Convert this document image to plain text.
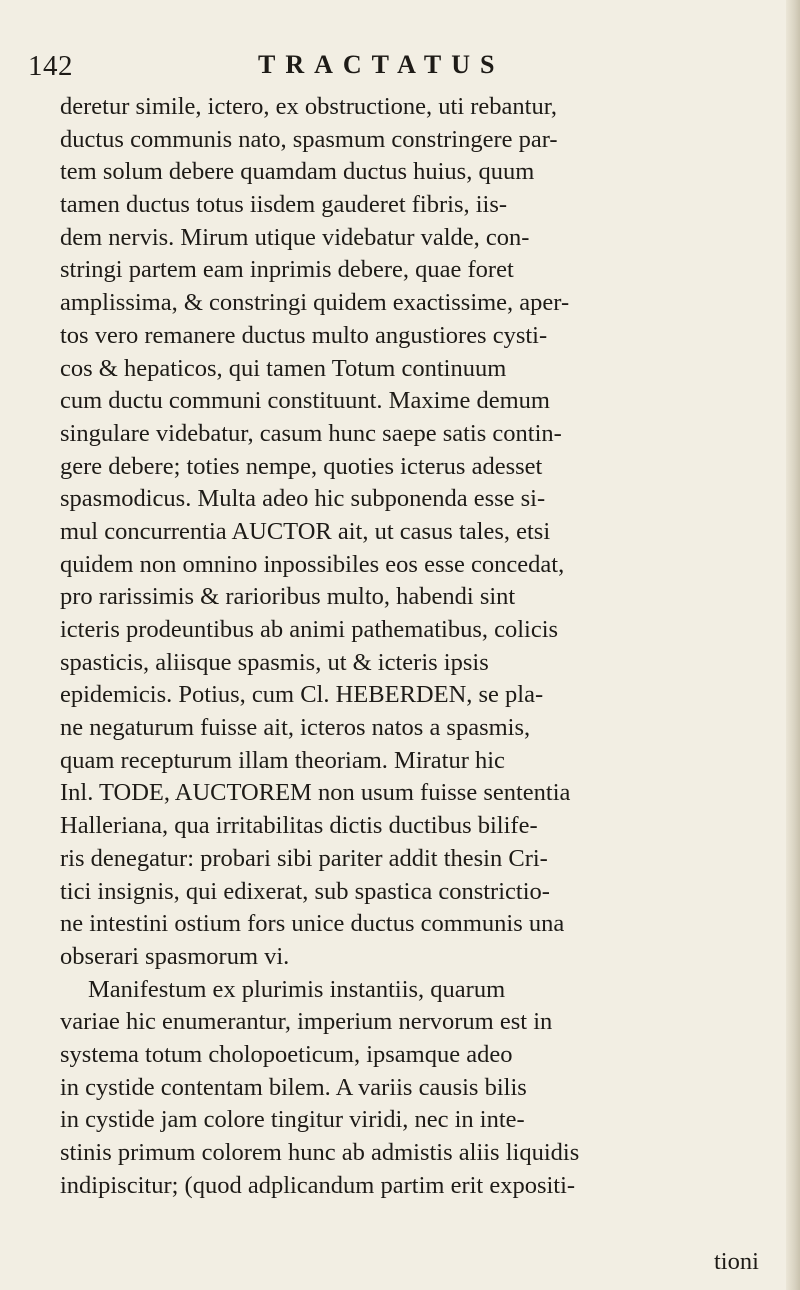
142	TRACTATUS
deretur simile, ictero, ex obstructione, uti rebantur,
ductus communis nato, spasmum constringere par-
tem solum debere quamdam ductus huius, quum
tamen ductus totus iisdem gauderet fibris, iis-
dem nervis. Mirum utique videbatur valde, con-
stringi partem eam inprimis debere, quae foret
amplissima, & constringi quidem exactissime, aper-
tos vero remanere ductus multo angustiores cysti-
cos & hepaticos, qui tamen Totum continuum
cum ductu communi constituunt. Maxime demum
singulare videbatur, casum hunc saepe satis contin-
gere debere; toties nempe, quoties icterus adesset
spasmodicus. Multa adeo hic subponenda esse si-
mul concurrentia AUCTOR ait, ut casus tales, etsi
quidem non omnino inpossibiles eos esse concedat,
pro rarissimis & rarioribus multo, habendi sint
icteris prodeuntibus ab animi pathematibus, colicis
spasticis, aliisque spasmis, ut & icteris ipsis
epidemicis. Potius, cum Cl. HEBERDEN, se pla-
ne negaturum fuisse ait, icteros natos a spasmis,
quam recepturum illam theoriam. Miratur hic
Inl. TODE, AUCTOREM non usum fuisse sententia
Halleriana, qua irritabilitas dictis ductibus bilife-
ris denegatur: probari sibi pariter addit thesin Cri-
tici insignis, qui edixerat, sub spastica constrictio-
ne intestini ostium fors unice ductus communis una
obserari spasmorum vi.
Manifestum ex plurimis instantiis, quarum
variae hic enumerantur, imperium nervorum est in
systema totum cholopoeticum, ipsamque adeo
in cystide contentam bilem. A variis causis bilis
in cystide jam colore tingitur viridi, nec in inte-
stinis primum colorem hunc ab admistis aliis liquidis
indipiscitur; (quod adplicandum partim erit expositi-
tioni
